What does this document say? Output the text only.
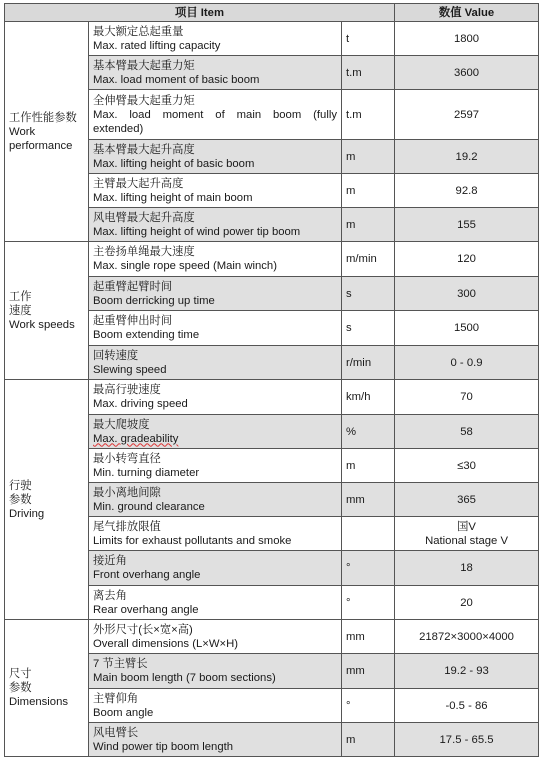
项目 Item			数值 Value

工作性能参数
Work performance	最大额定总起重量
Max. rated lifting capacity	t	1800

	基本臂最大起重力矩
Max. load moment of basic boom	t.m	3600

	全伸臂最大起重力矩
Max. load moment of main boom (fully extended)	t.m	2597

	基本臂最大起升高度
Max. lifting height of basic boom	m	19.2

	主臂最大起升高度
Max. lifting height of main boom	m	92.8

	风电臂最大起升高度
Max. lifting height of wind power tip boom	m	155

工作
速度
Work speeds	主卷扬单绳最大速度
Max. single rope speed (Main winch)	m/min	120

	起重臂起臂时间
Boom derricking up time	s	300

	起重臂伸出时间
Boom extending time	s	1500

	回转速度
Slewing speed	r/min	0 - 0.9

行驶
参数
Driving	最高行驶速度
Max. driving speed	km/h	70

	最大爬坡度
Max. gradeability	%	58

	最小转弯直径
Min. turning diameter	m	≤30

	最小离地间隙
Min. ground clearance	mm	365

	尾气排放限值
Limits for exhaust pollutants and smoke		国V
National stage V

	接近角
Front overhang angle	°	18

	离去角
Rear overhang angle	°	20

尺寸
参数
Dimensions	外形尺寸(长×宽×高)
Overall dimensions (L×W×H)	mm	21872×3000×4000

	7 节主臂长
Main boom length (7 boom sections)	mm	19.2 - 93

	主臂仰角
Boom angle	°	-0.5 - 86

	风电臂长
Wind power tip boom length	m	17.5 - 65.5
